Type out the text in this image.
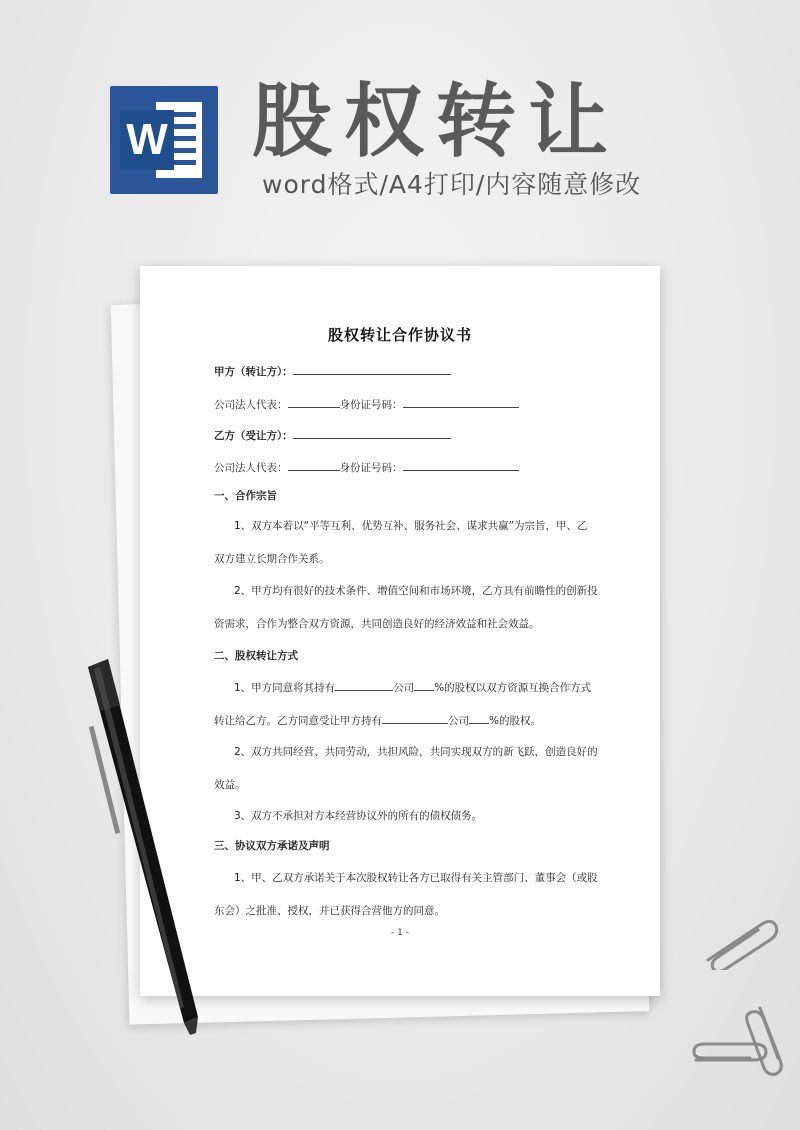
W 股权转让
word格式/A4打印/内容随意修改
股权转让合作协议书
甲方（转让方）：
公司法人代表：	身份证号码：
乙方（受让方）：
公司法人代表：	身份证号码：
一、合作宗旨
1、双方本着以“平等互利、优势互补、服务社会、谋求共赢”为宗旨，甲、乙双方建立长期合作关系。
2、甲方均有很好的技术条件、增值空间和市场环境，乙方具有前瞻性的创新投资需求，合作为整合双方资源，共同创造良好的经济效益和社会效益。
二、股权转让方式
1、甲方同意将其持有	公司 %的股权以双方资源互换合作方式转让给乙方。乙方同意受让甲方持有	公司 %的股权。
2、双方共同经营、共同劳动，共担风险，共同实现双方的新飞跃，创造良好的效益。
3、双方不承担对方本经营协议外的所有的债权债务。
三、协议双方承诺及声明
1、甲、乙双方承诺关于本次股权转让各方已取得有关主管部门、董事会（或股东会）之批准、授权，并已获得合营他方的同意。
- 1 -
